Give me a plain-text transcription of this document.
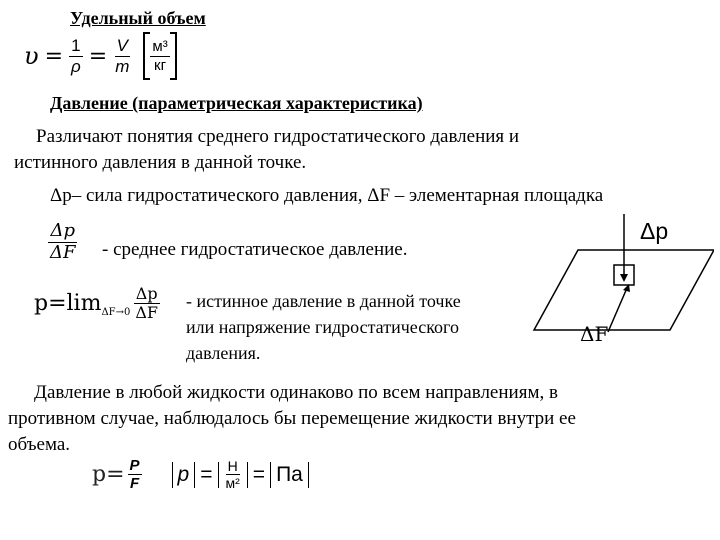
Удельный объем
$\upsilon = \frac{1}{\rho} = \frac{V}{m} \frac{\text{м³}}{кг}$
Давление (параметрическая характеристика)
Различают понятия среднего гидростатического давления и
истинного давления в данной точке.
Δp– сила гидростатического давления, ΔF – элементарная площадка
$\frac{\Delta p}{\Delta F}$ - среднее гидростатическое давление.
p=lim $\Delta F\to 0 \frac{\Delta p}{\Delta F}$ - истинное давление в данной точке
или напряжение гидростатического
давления.
Δp
ΔF
Давление в любой жидкости одинаково по всем направлениям, в
противном случае, наблюдалось бы перемещение жидкости внутри ее
объема.
$p= \frac{P}{F}$ $p = \frac{Н}{\text{м²}}$ = Па
